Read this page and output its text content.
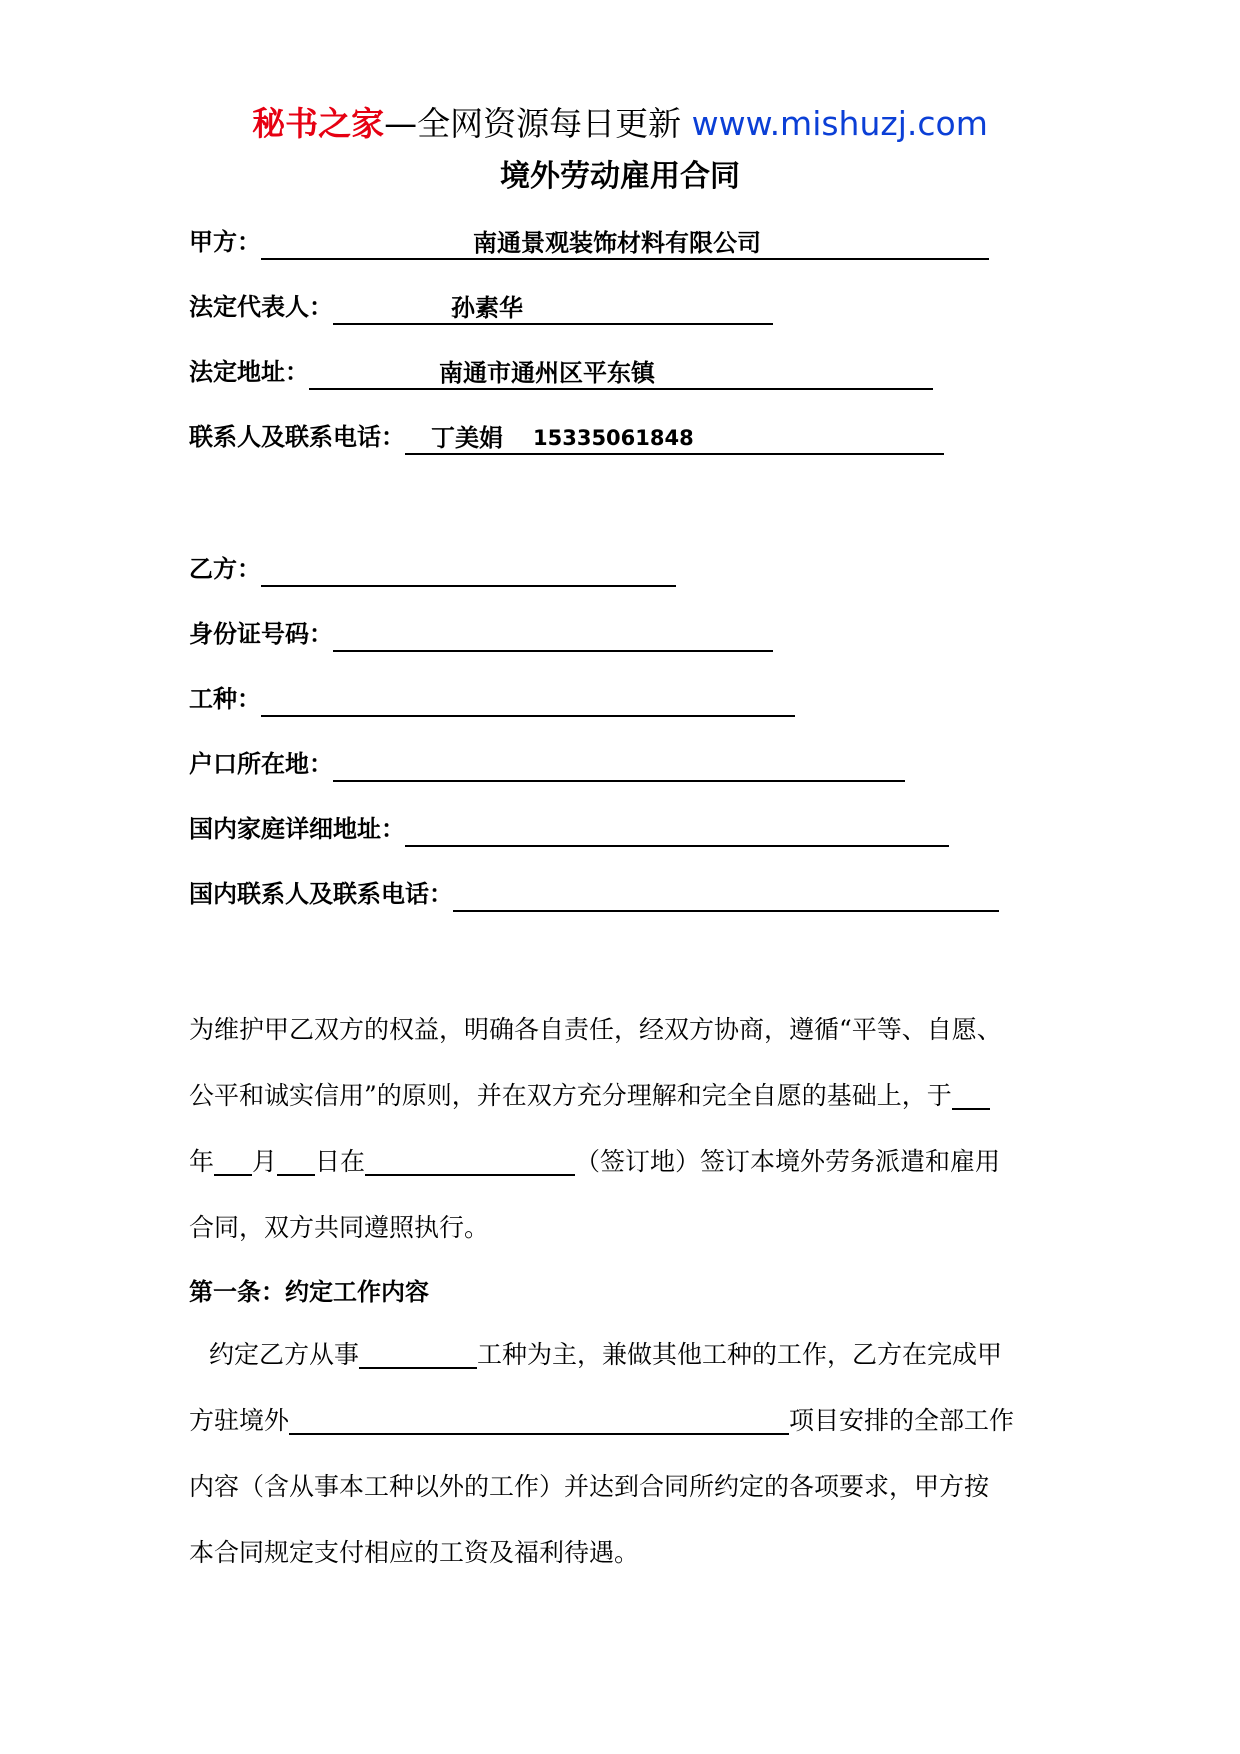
秘书之家—全网资源每日更新 www.mishuzj.com
境外劳动雇用合同
甲方：	南通景观装饰材料有限公司
法定代表人：	孙素华
法定地址：	南通市通州区平东镇
联系人及联系电话： 丁美娟 15335061848
乙方：
身份证号码：
工种：
户口所在地：
国内家庭详细地址：
国内联系人及联系电话：
为维护甲乙双方的权益，明确各自责任，经双方协商，遵循“平等、自愿、
公平和诚实信用”的原则，并在双方充分理解和完全自愿的基础上，于
年 月 日在	（签订地）签订本境外劳务派遣和雇用
合同，双方共同遵照执行。
第一条：约定工作内容
约定乙方从事	工种为主，兼做其他工种的工作，乙方在完成甲
方驻境外	项目安排的全部工作
内容（含从事本工种以外的工作）并达到合同所约定的各项要求，甲方按
本合同规定支付相应的工资及福利待遇。
